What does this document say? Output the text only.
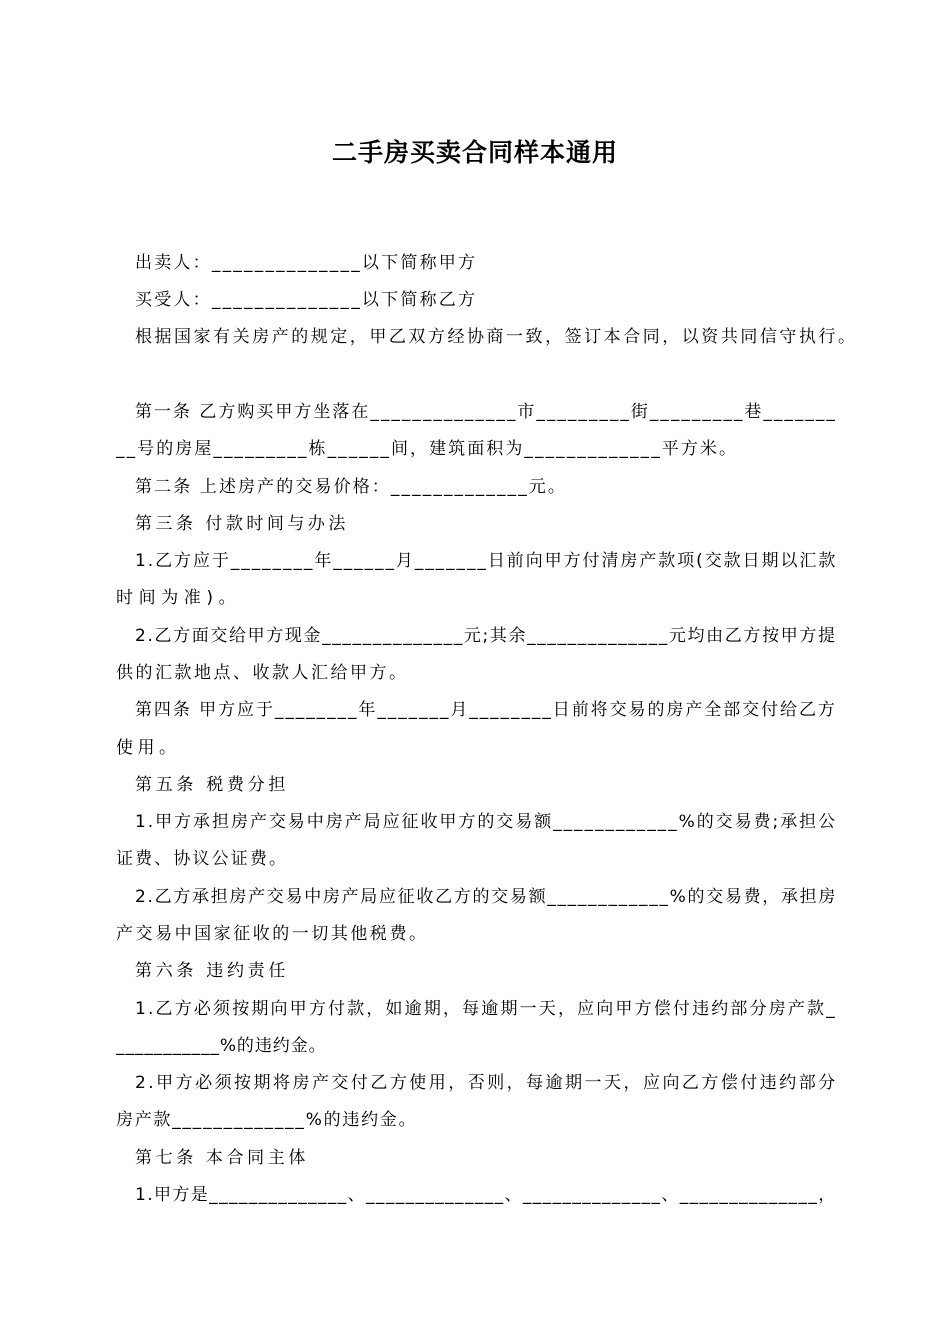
二手房买卖合同样本通用
出卖人：______________以下简称甲方
买受人：______________以下简称乙方
根据国家有关房产的规定，甲乙双方经协商一致，签订本合同，以资共同信守执行。
第一条 乙方购买甲方坐落在______________市_________街_________巷_______
__号的房屋_________栋______间，建筑面积为_____________平方米。
第二条 上述房产的交易价格：_____________元。
第三条 付款时间与办法
1.乙方应于________年______月_______日前向甲方付清房产款项(交款日期以汇款
时间为准)。
2.乙方面交给甲方现金______________元;其余______________元均由乙方按甲方提
供的汇款地点、收款人汇给甲方。
第四条 甲方应于________年_______月________日前将交易的房产全部交付给乙方
使用。
第五条 税费分担
1.甲方承担房产交易中房产局应征收甲方的交易额____________%的交易费;承担公
证费、协议公证费。
2.乙方承担房产交易中房产局应征收乙方的交易额____________%的交易费，承担房
产交易中国家征收的一切其他税费。
第六条 违约责任
1.乙方必须按期向甲方付款，如逾期，每逾期一天，应向甲方偿付违约部分房产款_
___________%的违约金。
2.甲方必须按期将房产交付乙方使用，否则，每逾期一天，应向乙方偿付违约部分
房产款_____________%的违约金。
第七条 本合同主体
1.甲方是______________、______________、______________、______________，
